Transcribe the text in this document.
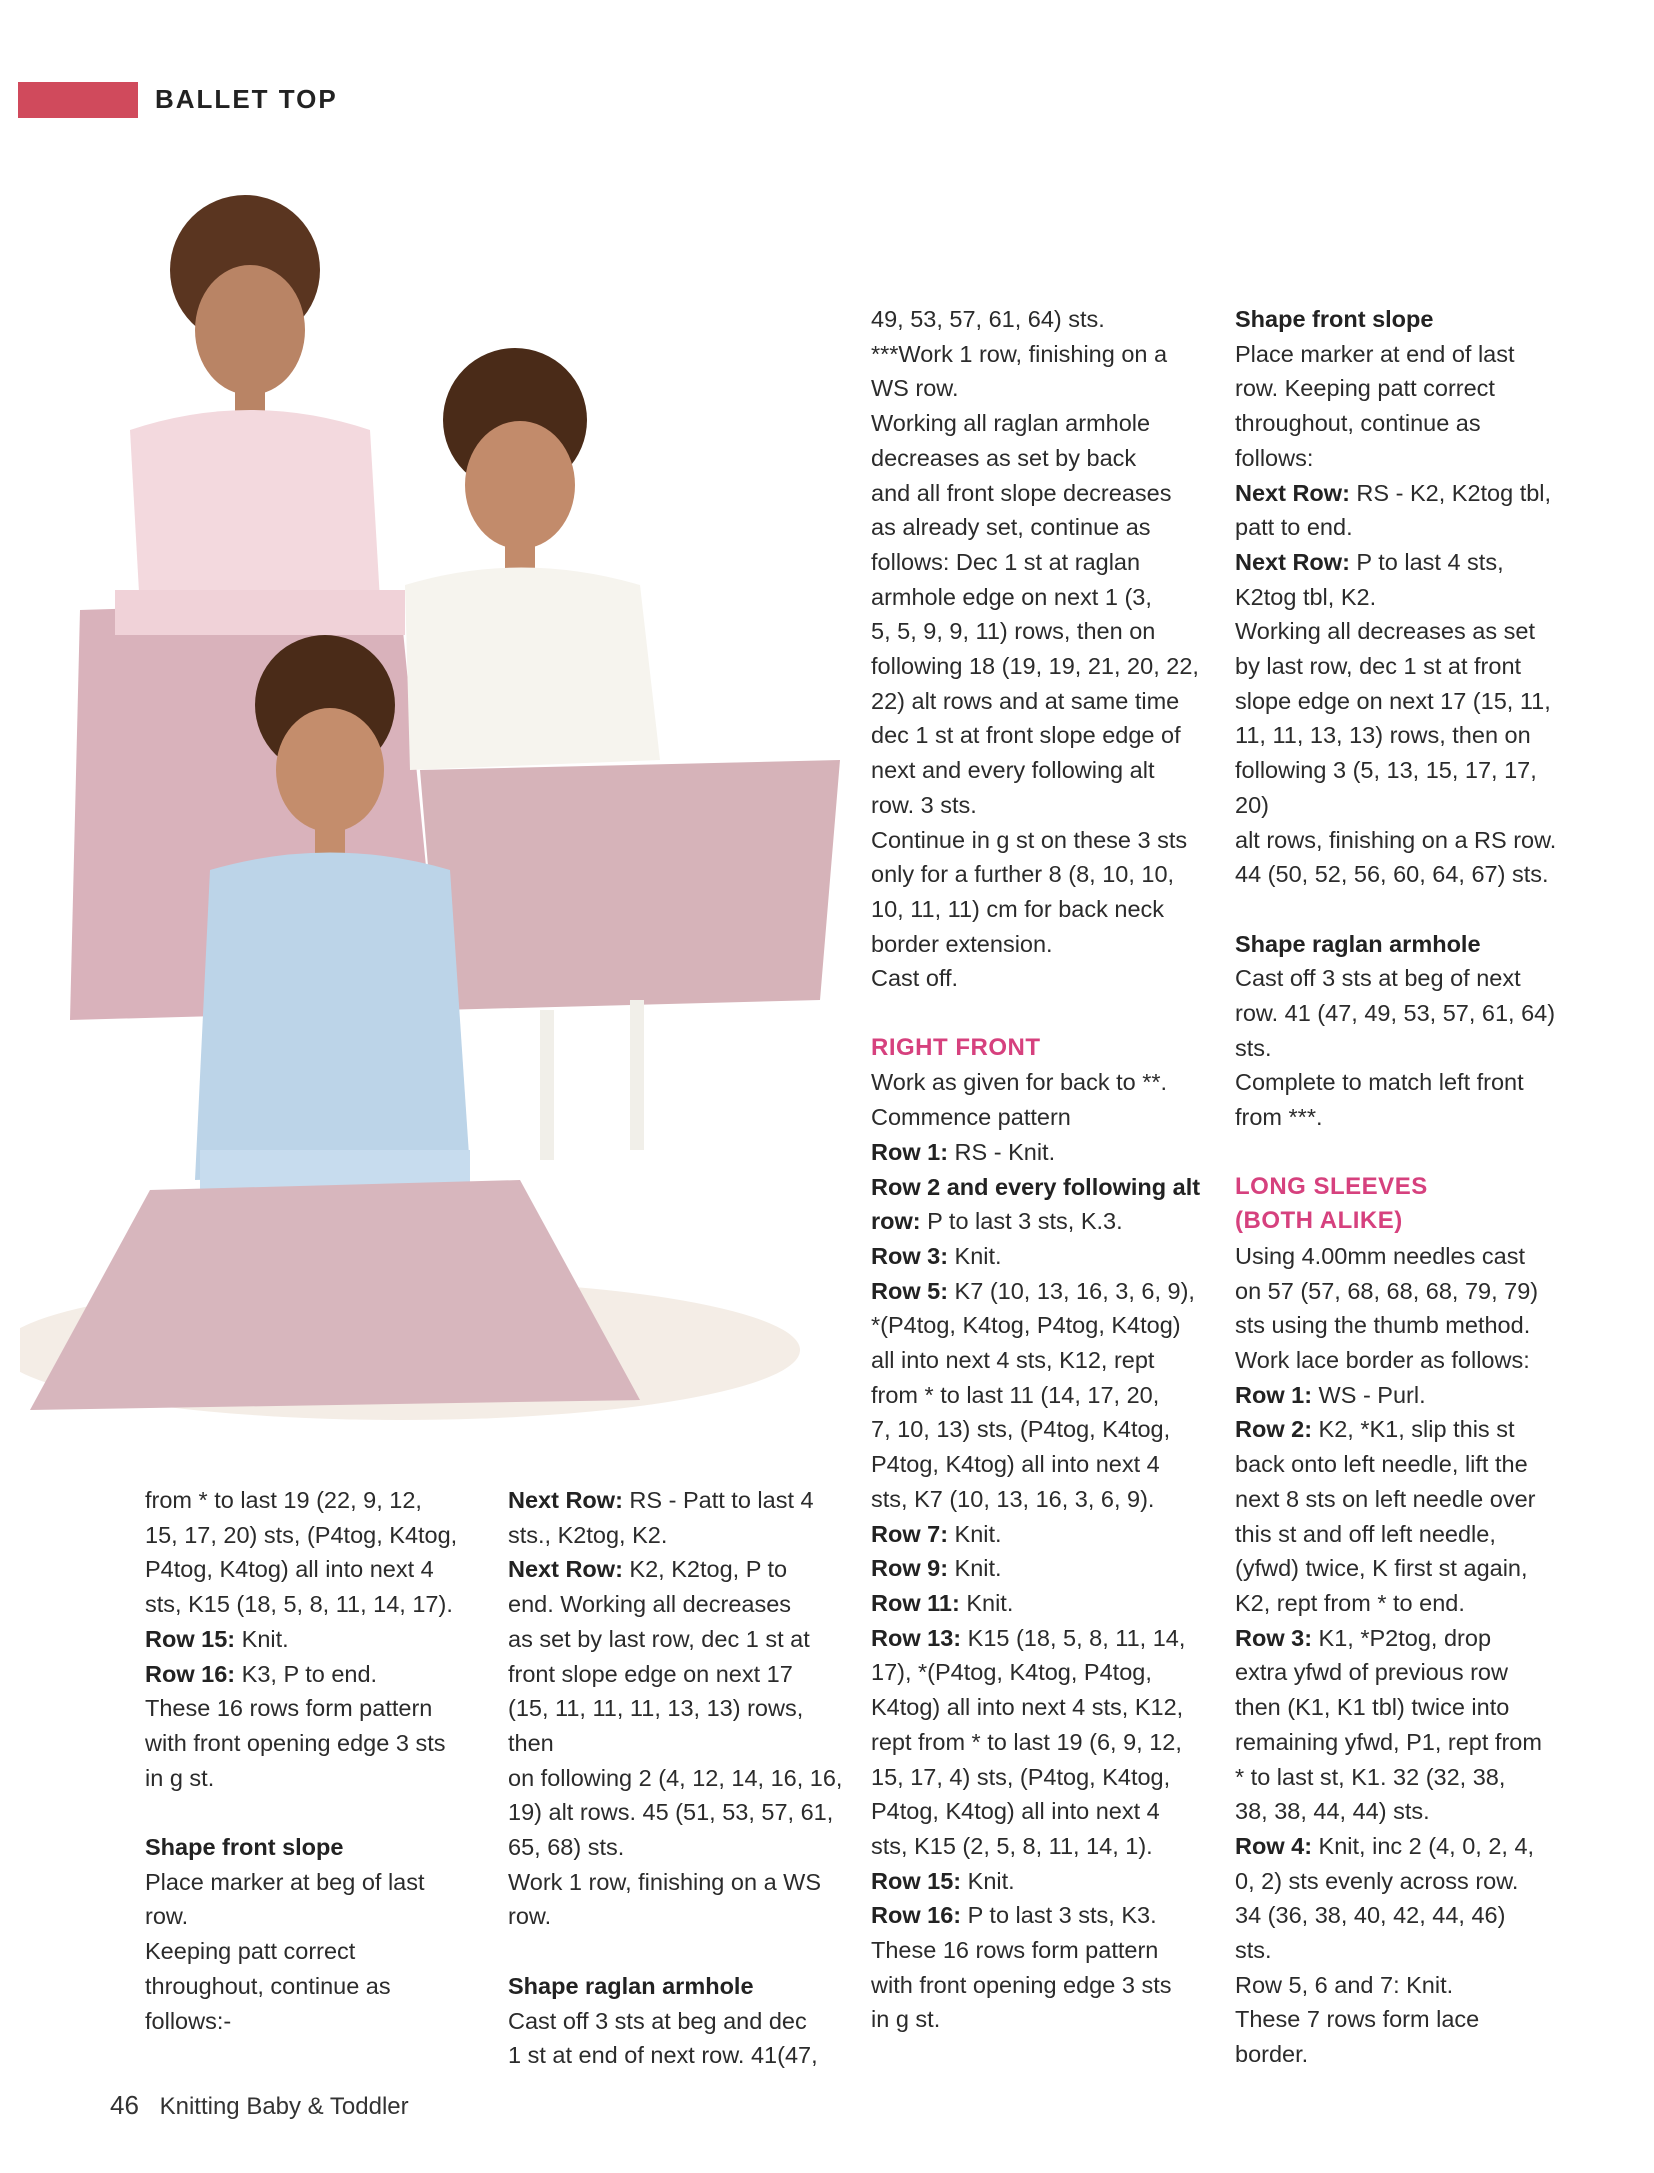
BALLET TOP

from * to last 19 (22, 9, 12,

15, 17, 20) sts, (P4tog, K4tog,

P4tog, K4tog) all into next 4

sts, K15 (18, 5, 8, 11, 14, 17).

Row 15: Knit.

Row 16: K3, P to end.

These 16 rows form pattern

with front opening edge 3 sts

in g st.

Shape front slope

Place marker at beg of last

row.

Keeping patt correct

throughout, continue as

follows:-

Next Row: RS - Patt to last 4

sts., K2tog, K2.

Next Row: K2, K2tog, P to

end. Working all decreases

as set by last row, dec 1 st at

front slope edge on next 17

(15, 11, 11, 11, 13, 13) rows, then

on following 2 (4, 12, 14, 16, 16,

19) alt rows. 45 (51, 53, 57, 61,

65, 68) sts.

Work 1 row, finishing on a WS

row.

Shape raglan armhole

Cast off 3 sts at beg and dec

1 st at end of next row. 41(47,

49, 53, 57, 61, 64) sts.

***Work 1 row, finishing on a

WS row.

Working all raglan armhole

decreases as set by back

and all front slope decreases

as already set, continue as

follows: Dec 1 st at raglan

armhole edge on next 1 (3,

5, 5, 9, 9, 11) rows, then on

following 18 (19, 19, 21, 20, 22,

22) alt rows and at same time

dec 1 st at front slope edge of

next and every following alt

row. 3 sts.

Continue in g st on these 3 sts

only for a further 8 (8, 10, 10,

10, 11, 11) cm for back neck

border extension.

Cast off.

RIGHT FRONT

Work as given for back to **.

Commence pattern

Row 1: RS - Knit.

Row 2 and every following alt

row: P to last 3 sts, K.3.

Row 3: Knit.

Row 5: K7 (10, 13, 16, 3, 6, 9),

*(P4tog, K4tog, P4tog, K4tog)

all into next 4 sts, K12, rept

from * to last 11 (14, 17, 20,

7, 10, 13) sts, (P4tog, K4tog,

P4tog, K4tog) all into next 4

sts, K7 (10, 13, 16, 3, 6, 9).

Row 7: Knit.

Row 9: Knit.

Row 11: Knit.

Row 13: K15 (18, 5, 8, 11, 14,

17), *(P4tog, K4tog, P4tog,

K4tog) all into next 4 sts, K12,

rept from * to last 19 (6, 9, 12,

15, 17, 4) sts, (P4tog, K4tog,

P4tog, K4tog) all into next 4

sts, K15 (2, 5, 8, 11, 14, 1).

Row 15: Knit.

Row 16: P to last 3 sts, K3.

These 16 rows form pattern

with front opening edge 3 sts

in g st.

Shape front slope

Place marker at end of last

row. Keeping patt correct

throughout, continue as

follows:

Next Row: RS - K2, K2tog tbl,

patt to end.

Next Row: P to last 4 sts,

K2tog tbl, K2.

Working all decreases as set

by last row, dec 1 st at front

slope edge on next 17 (15, 11,

11, 11, 13, 13) rows, then on

following 3 (5, 13, 15, 17, 17, 20)

alt rows, finishing on a RS row.

44 (50, 52, 56, 60, 64, 67) sts.

Shape raglan armhole

Cast off 3 sts at beg of next

row. 41 (47, 49, 53, 57, 61, 64)

sts.

Complete to match left front

from ***.

LONG SLEEVES

(BOTH ALIKE)

Using 4.00mm needles cast

on 57 (57, 68, 68, 68, 79, 79)

sts using the thumb method.

Work lace border as follows:

Row 1: WS - Purl.

Row 2: K2, *K1, slip this st

back onto left needle, lift the

next 8 sts on left needle over

this st and off left needle,

(yfwd) twice, K first st again,

K2, rept from * to end.

Row 3: K1, *P2tog, drop

extra yfwd of previous row

then (K1, K1 tbl) twice into

remaining yfwd, P1, rept from

* to last st, K1. 32 (32, 38,

38, 38, 44, 44) sts.

Row 4: Knit, inc 2 (4, 0, 2, 4,

0, 2) sts evenly across row.

34 (36, 38, 40, 42, 44, 46)

sts.

Row 5, 6 and 7: Knit.

These 7 rows form lace

border.

46 Knitting Baby & Toddler
